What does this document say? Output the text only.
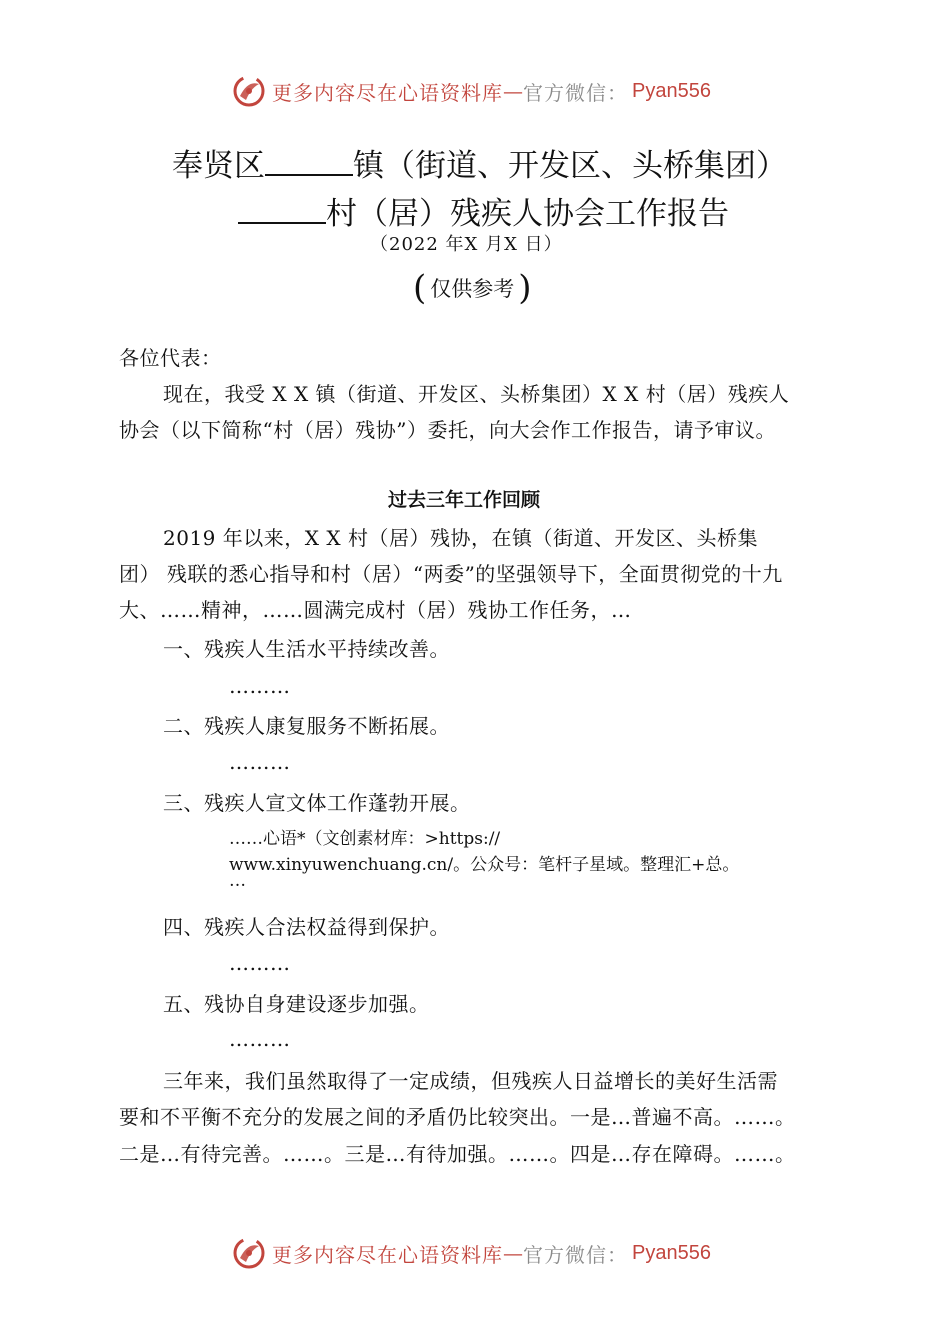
更多内容尽在心语资料库 — 官方微信： Pyan556
奉贤区	镇（街道、开发区、头桥集团）
村（居）残疾人协会工作报告
（2022 年X 月X 日）
( 仅供参考 )
各位代表：
现在，我受 X X 镇（街道、开发区、头桥集团）X X 村（居）残疾人
协会（以下简称“村（居）残协”）委托，向大会作工作报告，请予审议。
过去三年工作回顾
2019 年以来，X X 村（居）残协，在镇（街道、开发区、头桥集
团） 残联的悉心指导和村（居）“两委”的坚强领导下，全面贯彻党的十九
大、……精神，……圆满完成村（居）残协工作任务，…
一、残疾人生活水平持续改善。
………
二、残疾人康复服务不断拓展。
………
三、残疾人宣文体工作蓬勃开展。
……心语*（文创素材库：>https://
www.xinyuwenchuang.cn/。公众号：笔杆子星域。整理汇+总。
…
四、残疾人合法权益得到保护。
………
五、残协自身建设逐步加强。
………
三年来，我们虽然取得了一定成绩，但残疾人日益增长的美好生活需
要和不平衡不充分的发展之间的矛盾仍比较突出。一是…普遍不高。……。
二是…有待完善。……。三是…有待加强。……。四是…存在障碍。……。
更多内容尽在心语资料库 — 官方微信： Pyan556
